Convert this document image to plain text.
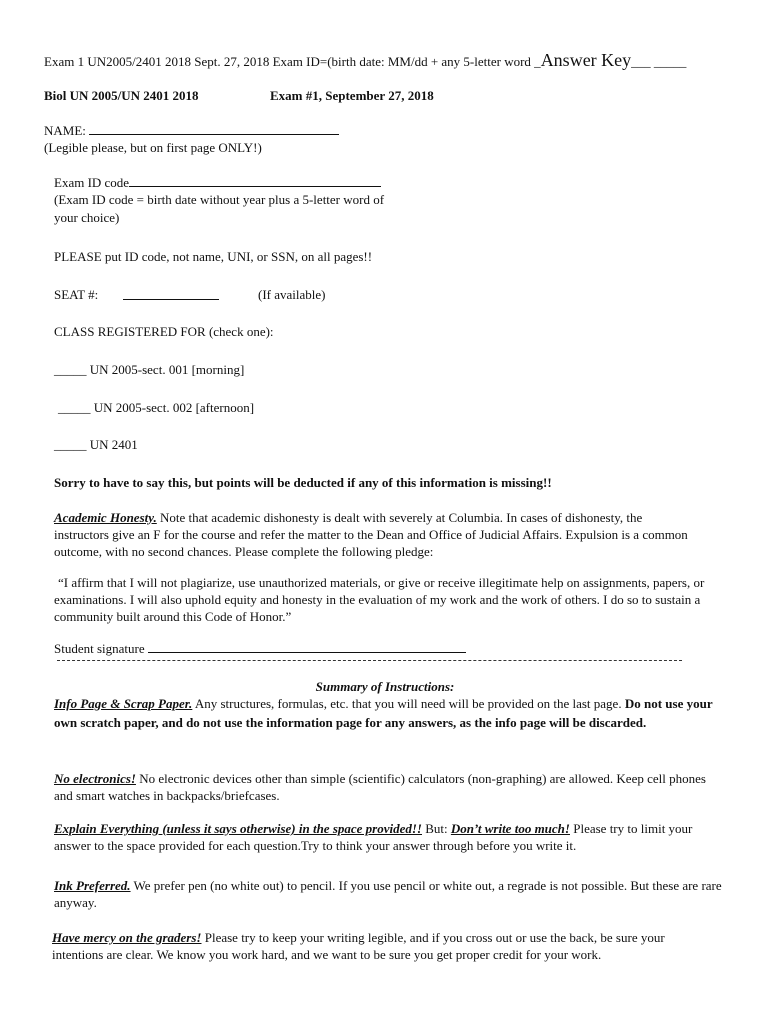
Exam 1 UN2005/2401 2018 Sept. 27, 2018 Exam ID=(birth date: MM/dd + any 5-letter word _Answer Key___ _____
Biol UN 2005/UN 2401 2018	Exam #1, September 27, 2018
NAME:
(Legible please, but on first page ONLY!)
Exam ID code
(Exam ID code = birth date without year plus a 5-letter word of
your choice)
PLEASE put ID code, not name, UNI, or SSN, on all pages!!
SEAT #:	(If available)
CLASS REGISTERED FOR (check one):
_____ UN 2005-sect. 001 [morning]
_____ UN 2005-sect. 002 [afternoon]
_____ UN 2401
Sorry to have to say this, but points will be deducted if any of this information is missing!!
Academic Honesty. Note that academic dishonesty is dealt with severely at Columbia. In cases of dishonesty, the instructors give an F for the course and refer the matter to the Dean and Office of Judicial Affairs. Expulsion is a common outcome, with no second chances. Please complete the following pledge:
“I affirm that I will not plagiarize, use unauthorized materials, or give or receive illegitimate help on assignments, papers, or examinations. I will also uphold equity and honesty in the evaluation of my work and the work of others. I do so to sustain a community built around this Code of Honor.”
Student signature
Summary of Instructions:
Info Page & Scrap Paper. Any structures, formulas, etc. that you will need will be provided on the last page. Do not use your own scratch paper, and do not use the information page for any answers, as the info page will be discarded.
No electronics! No electronic devices other than simple (scientific) calculators (non-graphing) are allowed. Keep cell phones and smart watches in backpacks/briefcases.
Explain Everything (unless it says otherwise) in the space provided!! But: Don’t write too much! Please try to limit your answer to the space provided for each question.Try to think your answer through before you write it.
Ink Preferred. We prefer pen (no white out) to pencil. If you use pencil or white out, a regrade is not possible. But these are rare anyway.
Have mercy on the graders! Please try to keep your writing legible, and if you cross out or use the back, be sure your intentions are clear. We know you work hard, and we want to be sure you get proper credit for your work.
